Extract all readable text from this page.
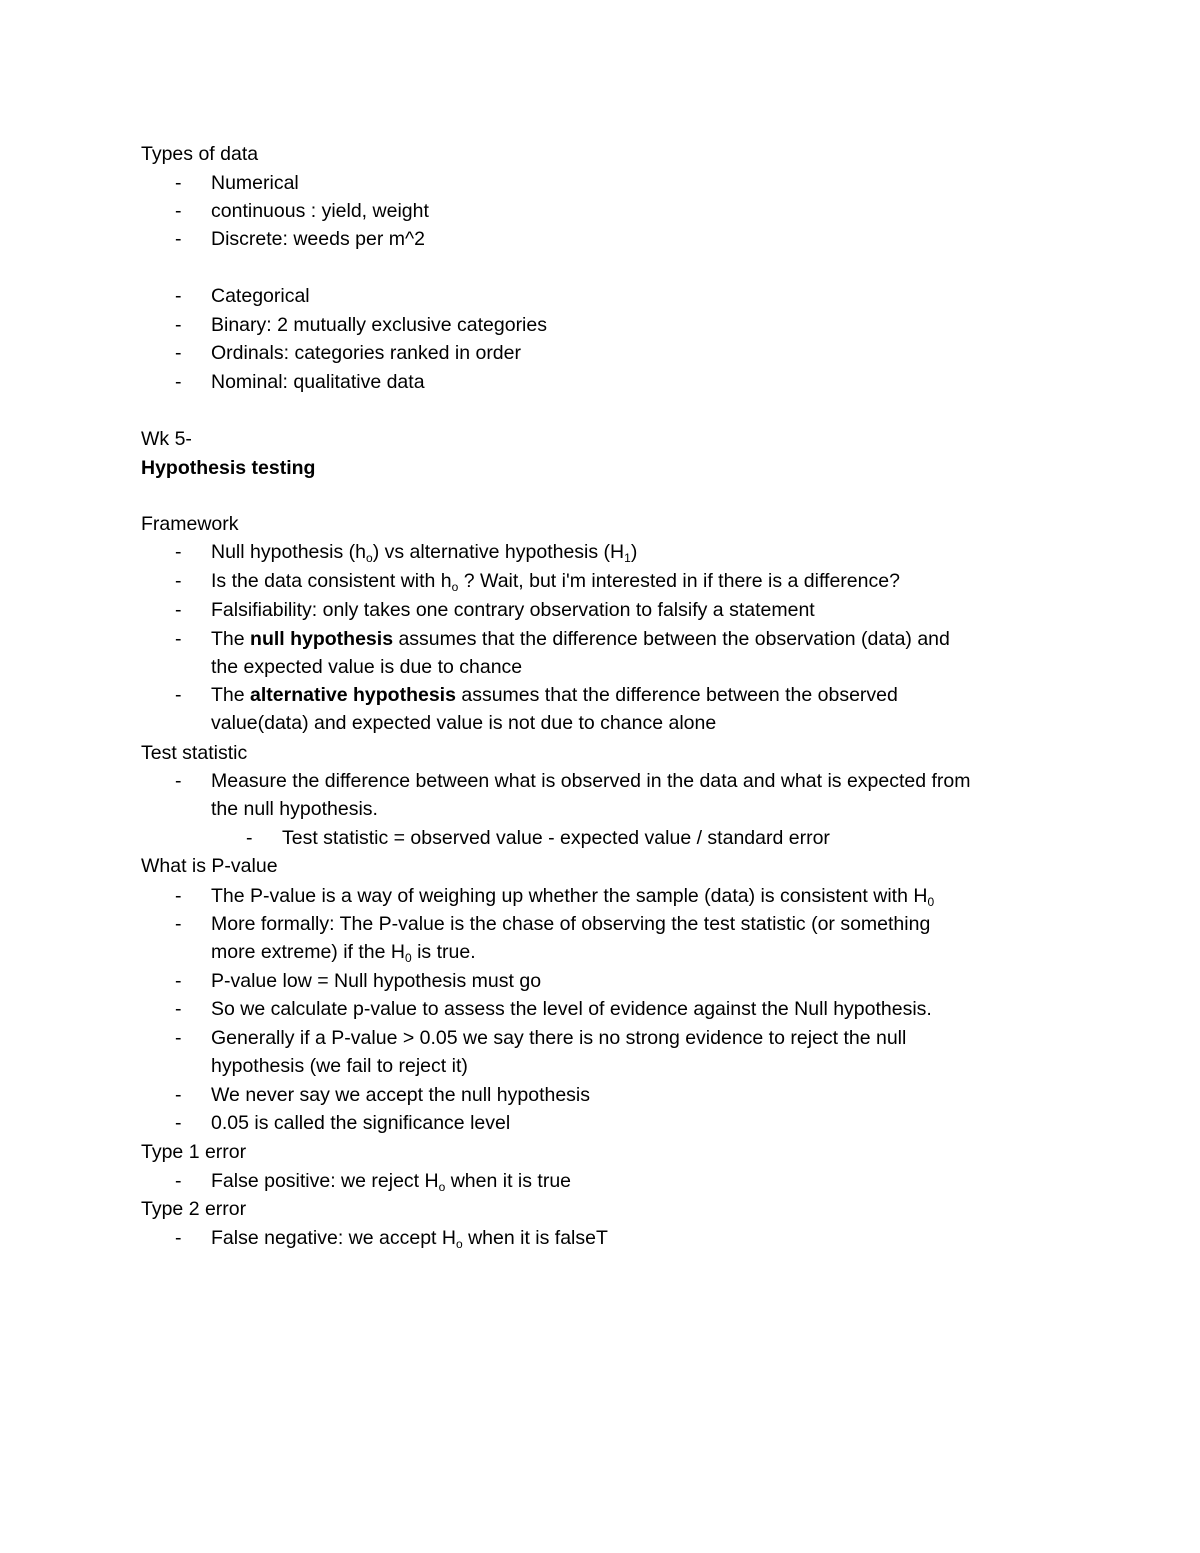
Types of data
- Numerical
- continuous : yield, weight
- Discrete: weeds per m^2
- Categorical
- Binary: 2 mutually exclusive categories
- Ordinals: categories ranked in order
- Nominal: qualitative data
Wk 5-
Hypothesis testing
Framework
- Null hypothesis $(h_o)$ vs alternative hypothesis $(H_1)$
- Is the data consistent with $h_o$ ? Wait, but i'm interested in if there is a difference?
- Falsifiability: only takes one contrary observation to falsify a statement
- The null hypothesis assumes that the difference between the observation (data) and
the expected value is due to chance
- The alternative hypothesis assumes that the difference between the observed
value(data) and expected value is not due to chance alone
Test statistic
- Measure the difference between what is observed in the data and what is expected from
the null hypothesis.
- Test statistic = observed value - expected value / standard error
What is P-value
- The P-value is a way of weighing up whether the sample (data) is consistent with $H_0$
- More formally: The P-value is the chase of observing the test statistic (or something
more extreme) if the $H_0$ is true.
- P-value low = Null hypothesis must go
- So we calculate p-value to assess the level of evidence against the Null hypothesis.
- Generally if a P-value > 0.05 we say there is no strong evidence to reject the null
hypothesis (we fail to reject it)
- We never say we accept the null hypothesis
- 0.05 is called the significance level
Type 1 error
- False positive: we reject $H_o$ when it is true
Type 2 error
- False negative: we accept $H_o$ when it is falseT
